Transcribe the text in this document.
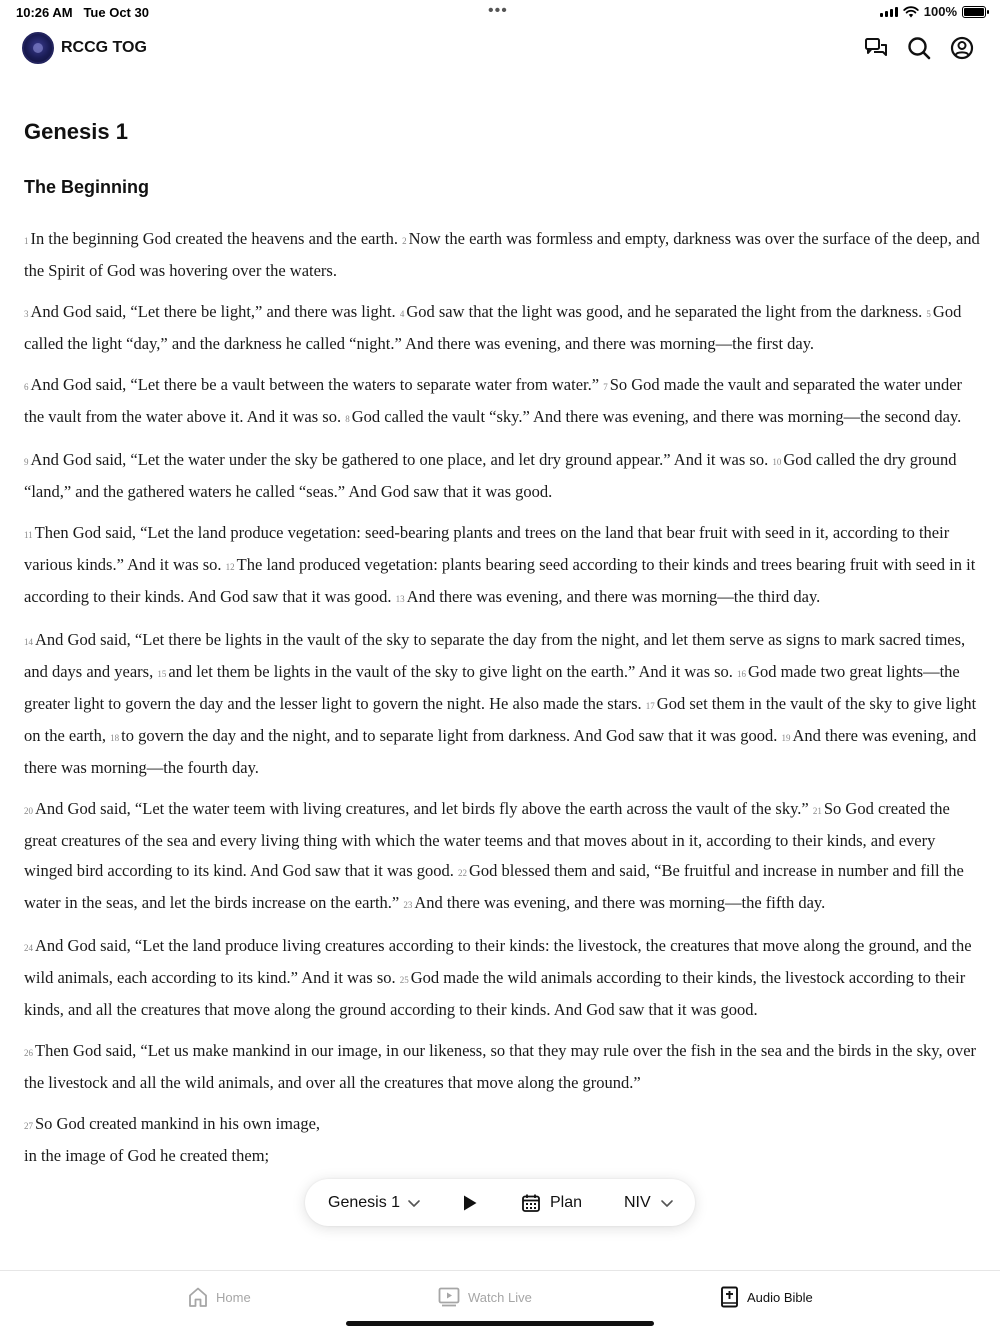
10:26 AM Tue Oct 30	•••	100%
RCCG TOG
Genesis 1
The Beginning

1 In the beginning God created the heavens and the earth. 2 Now the earth was formless and empty, darkness was over the surface of the deep, and the Spirit of God was hovering over the waters.

3 And God said, “Let there be light,” and there was light. 4 God saw that the light was good, and he separated the light from the darkness. 5 God called the light “day,” and the darkness he called “night.” And there was evening, and there was morning—the first day.

6 And God said, “Let there be a vault between the waters to separate water from water.” 7 So God made the vault and separated the water under the vault from the water above it. And it was so. 8 God called the vault “sky.” And there was evening, and there was morning—the second day.

9 And God said, “Let the water under the sky be gathered to one place, and let dry ground appear.” And it was so. 10 God called the dry ground “land,” and the gathered waters he called “seas.” And God saw that it was good.

11 Then God said, “Let the land produce vegetation: seed-bearing plants and trees on the land that bear fruit with seed in it, according to their various kinds.” And it was so. 12 The land produced vegetation: plants bearing seed according to their kinds and trees bearing fruit with seed in it according to their kinds. And God saw that it was good. 13 And there was evening, and there was morning—the third day.

14 And God said, “Let there be lights in the vault of the sky to separate the day from the night, and let them serve as signs to mark sacred times, and days and years, 15 and let them be lights in the vault of the sky to give light on the earth.” And it was so. 16 God made two great lights—the greater light to govern the day and the lesser light to govern the night. He also made the stars. 17 God set them in the vault of the sky to give light on the earth, 18 to govern the day and the night, and to separate light from darkness. And God saw that it was good. 19 And there was evening, and there was morning—the fourth day.

20 And God said, “Let the water teem with living creatures, and let birds fly above the earth across the vault of the sky.” 21 So God created the great creatures of the sea and every living thing with which the water teems and that moves about in it, according to their kinds, and every winged bird according to its kind. And God saw that it was good. 22 God blessed them and said, “Be fruitful and increase in number and fill the water in the seas, and let the birds increase on the earth.” 23 And there was evening, and there was morning—the fifth day.

24 And God said, “Let the land produce living creatures according to their kinds: the livestock, the creatures that move along the ground, and the wild animals, each according to its kind.” And it was so. 25 God made the wild animals according to their kinds, the livestock according to their kinds, and all the creatures that move along the ground according to their kinds. And God saw that it was good.

26 Then God said, “Let us make mankind in our image, in our likeness, so that they may rule over the fish in the sea and the birds in the sky, over the livestock and all the wild animals, and over all the creatures that move along the ground.”

27 So God created mankind in his own image,
in the image of God he created them;

Genesis 1	Plan	NIV
Home	Watch Live	Audio Bible
